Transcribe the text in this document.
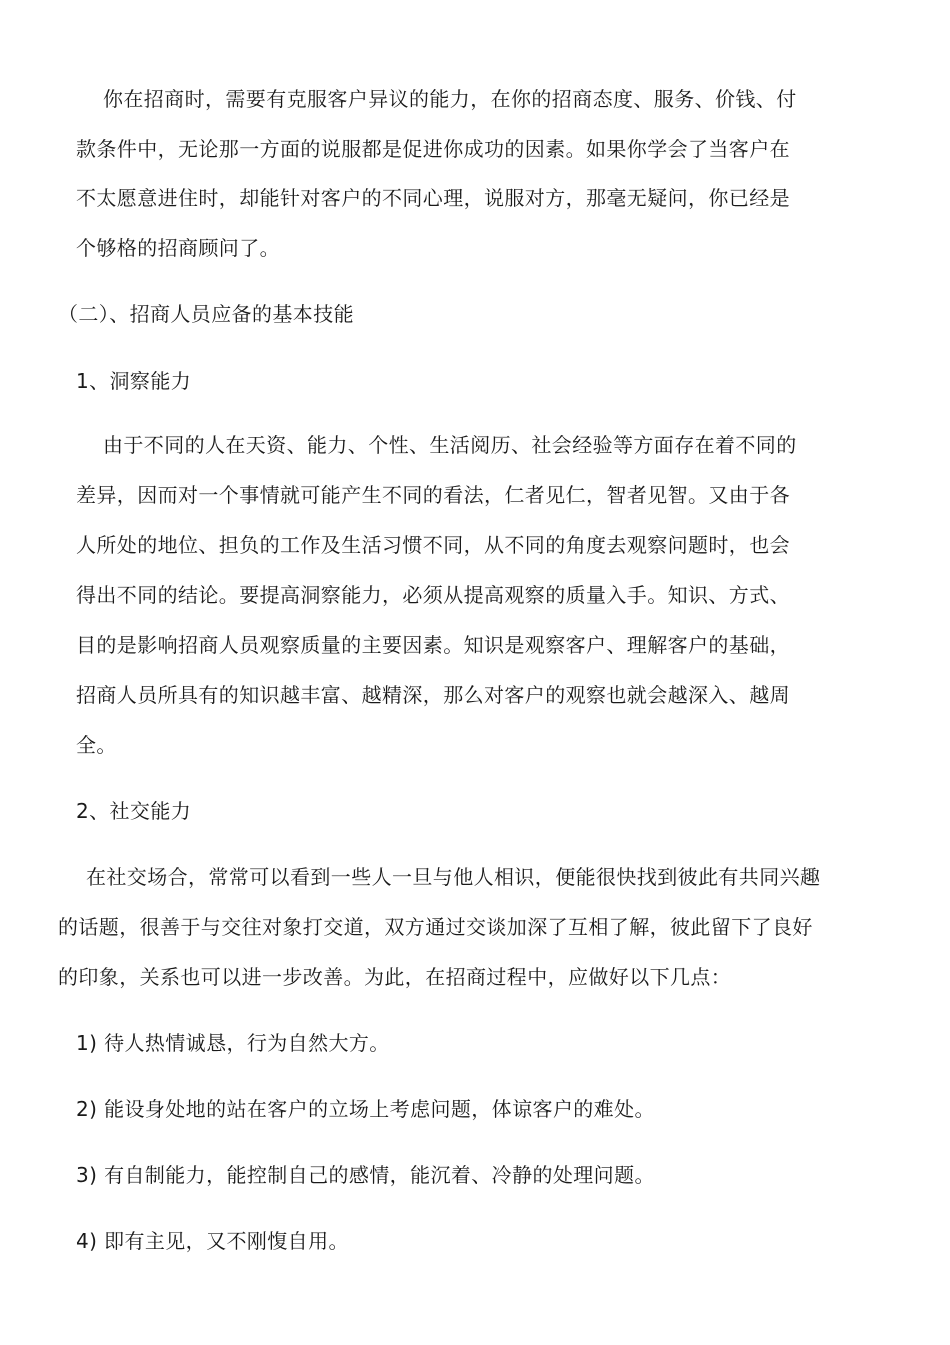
你在招商时，需要有克服客户异议的能力，在你的招商态度、服务、价钱、付
款条件中，无论那一方面的说服都是促进你成功的因素。如果你学会了当客户在
不太愿意进住时，却能针对客户的不同心理，说服对方，那毫无疑问，你已经是
个够格的招商顾问了。
（二）、招商人员应备的基本技能
1、洞察能力
由于不同的人在天资、能力、个性、生活阅历、社会经验等方面存在着不同的
差异，因而对一个事情就可能产生不同的看法，仁者见仁，智者见智。又由于各
人所处的地位、担负的工作及生活习惯不同，从不同的角度去观察问题时，也会
得出不同的结论。要提高洞察能力，必须从提高观察的质量入手。知识、方式、
目的是影响招商人员观察质量的主要因素。知识是观察客户、理解客户的基础，
招商人员所具有的知识越丰富、越精深，那么对客户的观察也就会越深入、越周
全。
2、社交能力
在社交场合，常常可以看到一些人一旦与他人相识，便能很快找到彼此有共同兴趣
的话题，很善于与交往对象打交道，双方通过交谈加深了互相了解，彼此留下了良好
的印象，关系也可以进一步改善。为此，在招商过程中，应做好以下几点：
1) 待人热情诚恳，行为自然大方。
2) 能设身处地的站在客户的立场上考虑问题，体谅客户的难处。
3) 有自制能力，能控制自己的感情，能沉着、冷静的处理问题。
4) 即有主见，又不刚愎自用。
